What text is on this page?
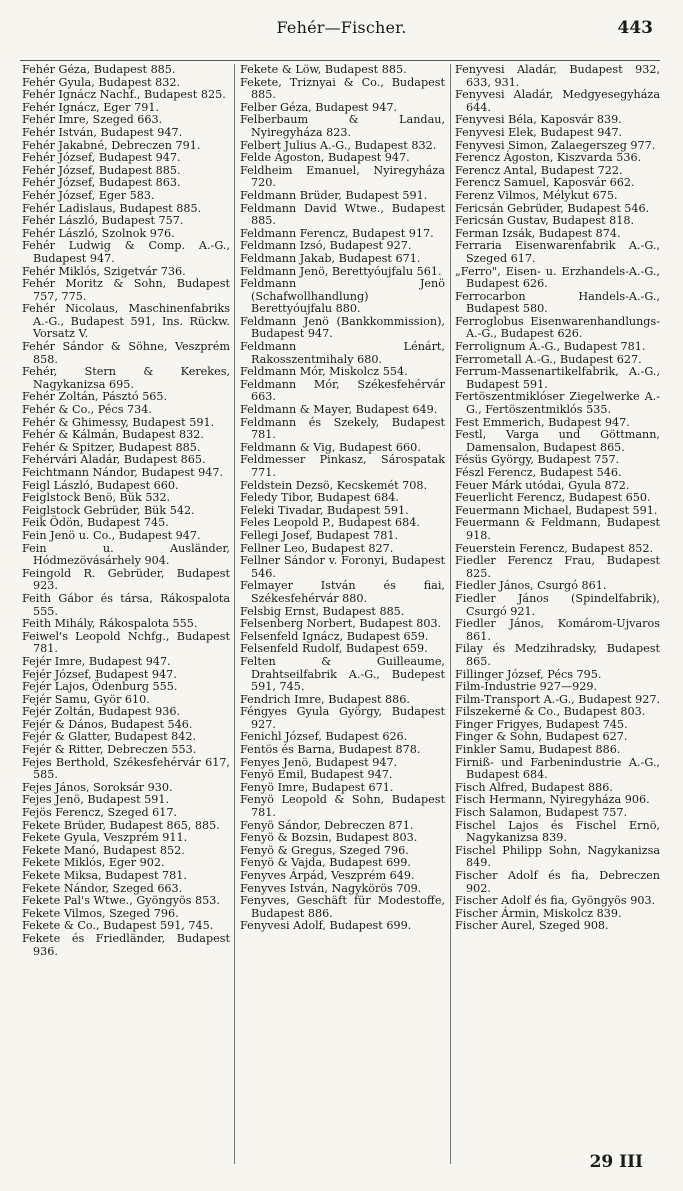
Fehér—Fischer.	443

Fehér Géza, Budapest 885.

Fehér Gyula, Budapest 832.

Fehér Ignácz Nachf., Budapest 825.

Fehér Ignácz, Eger 791.

Fehér Imre, Szeged 663.

Fehér István, Budapest 947.

Fehér Jakabné, Debreczen 791.

Fehér József, Budapest 947.

Fehér József, Budapest 885.

Fehér József, Budapest 863.

Fehér József, Eger 583.

Fehér Ladislaus, Budapest 885.

Fehér László, Budapest 757.

Fehér László, Szolnok 976.

Fehér Ludwig & Comp. A.-G., Budapest 947.

Fehér Miklós, Szigetvár 736.

Fehér Moritz & Sohn, Budapest 757, 775.

Fehér Nicolaus, Maschinenfabriks A.-G., Budapest 591, Ins. Rückw. Vorsatz V.

Fehér Sándor & Söhne, Veszprém 858.

Fehér, Stern & Kerekes, Nagykanizsa 695.

Fehér Zoltán, Pásztó 565.

Fehér & Co., Pécs 734.

Fehér & Ghimessy, Budapest 591.

Fehér & Kálmán, Budapest 832.

Fehér & Spitzer, Budapest 885.

Fehérvári Aladár, Budapest 865.

Feichtmann Nándor, Budapest 947.

Feigl László, Budapest 660.

Feiglstock Benö, Bük 532.

Feiglstock Gebrüder, Bük 542.

Feik Ödön, Budapest 745.

Fein Jenö u. Co., Budapest 947.

Fein u. Ausländer, Hódmezövásárhely 904.

Feingold R. Gebrüder, Budapest 923.

Feith Gábor és társa, Rákospalota 555.

Feith Mihály, Rákospalota 555.

Feiwel's Leopold Nchfg., Budapest 781.

Fejér Imre, Budapest 947.

Fejér József, Budapest 947.

Fejér Lajos, Ödenburg 555.

Fejér Samu, Györ 610.

Fejér Zoltán, Budapest 936.

Fejér & Dános, Budapest 546.

Fejér & Glatter, Budapest 842.

Fejér & Ritter, Debreczen 553.

Fejes Berthold, Székesfehérvár 617, 585.

Fejes János, Soroksár 930.

Fejes Jenö, Budapest 591.

Fejös Ferencz, Szeged 617.

Fekete Brüder, Budapest 865, 885.

Fekete Gyula, Veszprém 911.

Fekete Manó, Budapest 852.

Fekete Miklós, Eger 902.

Fekete Miksa, Budapest 781.

Fekete Nándor, Szeged 663.

Fekete Pal's Wtwe., Gyöngyös 853.

Fekete Vilmos, Szeged 796.

Fekete & Co., Budapest 591, 745.

Fekete és Friedländer, Budapest 936.

Fekete & Löw, Budapest 885.

Fekete, Triznyai & Co., Budapest 885.

Felber Géza, Budapest 947.

Felberbaum & Landau, Nyiregyháza 823.

Felbert Julius A.-G., Budapest 832.

Felde Ágoston, Budapest 947.

Feldheim Emanuel, Nyiregyháza 720.

Feldmann Brüder, Budapest 591.

Feldmann David Wtwe., Budapest 885.

Feldmann Ferencz, Budapest 917.

Feldmann Izsó, Budapest 927.

Feldmann Jakab, Budapest 671.

Feldmann Jenö, Berettyóujfalu 561.

Feldmann Jenö (Schafwollhandlung) Berettyóujfalu 880.

Feldmann Jenö (Bankkommission), Budapest 947.

Feldmann Lénárt, Rakosszentmihaly 680.

Feldmann Mór, Miskolcz 554.

Feldmann Mór, Székesfehérvár 663.

Feldmann & Mayer, Budapest 649.

Feldmann és Szekely, Budapest 781.

Feldmann & Vig, Budapest 660.

Feldmesser Pinkasz, Sárospatak 771.

Feldstein Dezsö, Kecskemét 708.

Feledy Tibor, Budapest 684.

Feleki Tivadar, Budapest 591.

Feles Leopold P., Budapest 684.

Fellegi Josef, Budapest 781.

Fellner Leo, Budapest 827.

Fellner Sándor v. Foronyi, Budapest 546.

Felmayer István és fiai, Székesfehérvár 880.

Felsbig Ernst, Budapest 885.

Felsenberg Norbert, Budapest 803.

Felsenfeld Ignácz, Budapest 659.

Felsenfeld Rudolf, Budapest 659.

Felten & Guilleaume, Drahtseilfabrik A.-G., Budepest 591, 745.

Fendrich Imre, Budapest 886.

Féngyes Gyula György, Budapest 927.

Fenichl József, Budapest 626.

Fentös és Barna, Budapest 878.

Fenyes Jenö, Budapest 947.

Fenyö Emil, Budapest 947.

Fenyö Imre, Budapest 671.

Fenyö Leopold & Sohn, Budapest 781.

Fenyö Sándor, Debreczen 871.

Fenyö & Bozsin, Budapest 803.

Fenyö & Gregus, Szeged 796.

Fenyö & Vajda, Budapest 699.

Fenyves Árpád, Veszprém 649.

Fenyves István, Nagykörös 709.

Fenyves, Geschäft für Modestoffe, Budapest 886.

Fenyvesi Adolf, Budapest 699.

Fenyvesi Aladár, Budapest 932, 633, 931.

Fenyvesi Aladár, Medgyesegyháza 644.

Fenyvesi Béla, Kaposvár 839.

Fenyvesi Elek, Budapest 947.

Fenyvesi Simon, Zalaegerszeg 977.

Ferencz Ágoston, Kiszvarda 536.

Ferencz Antal, Budapest 722.

Ferencz Samuel, Kaposvár 662.

Ferenz Vilmos, Mélykut 675.

Fericsán Gebrüder, Budapest 546.

Fericsán Gustav, Budapest 818.

Ferman Izsák, Budapest 874.

Ferraria Eisenwarenfabrik A.-G., Szeged 617.

„Ferro", Eisen- u. Erzhandels-A.-G., Budapest 626.

Ferrocarbon Handels-A.-G., Budapest 580.

Ferroglobus Eisenwarenhandlungs-A.-G., Budapest 626.

Ferrolignum A.-G., Budapest 781.

Ferrometall A.-G., Budapest 627.

Ferrum-Massenartikelfabrik, A.-G., Budapest 591.

Fertöszentmiklóser Ziegelwerke A.-G., Fertöszentmiklós 535.

Fest Emmerich, Budapest 947.

Festl, Varga und Göttmann, Damensalon, Budapest 865.

Fésüs György, Budapest 757.

Fészl Ferencz, Budapest 546.

Feuer Márk utódai, Gyula 872.

Feuerlicht Ferencz, Budapest 650.

Feuermann Michael, Budapest 591.

Feuermann & Feldmann, Budapest 918.

Feuerstein Ferencz, Budapest 852.

Fiedler Ferencz Frau, Budapest 825.

Fiedler János, Csurgó 861.

Fiedler János (Spindelfabrik), Csurgó 921.

Fiedler János, Komárom-Ujvaros 861.

Filay és Medzihradsky, Budapest 865.

Fillinger József, Pécs 795.

Film-Industrie 927—929.

Film-Transport A.-G., Budapest 927.

Filszekerné & Co., Budapest 803.

Finger Frigyes, Budapest 745.

Finger & Sohn, Budapest 627.

Finkler Samu, Budapest 886.

Firniß- und Farbenindustrie A.-G., Budapest 684.

Fisch Alfred, Budapest 886.

Fisch Hermann, Nyiregyháza 906.

Fisch Salamon, Budapest 757.

Fischel Lajos és Fischel Ernö, Nagykanizsa 839.

Fischel Philipp Sohn, Nagykanizsa 849.

Fischer Adolf és fia, Debreczen 902.

Fischer Adolf és fia, Gyöngyös 903.

Fischer Ármin, Miskolcz 839.

Fischer Aurel, Szeged 908.

29 III
